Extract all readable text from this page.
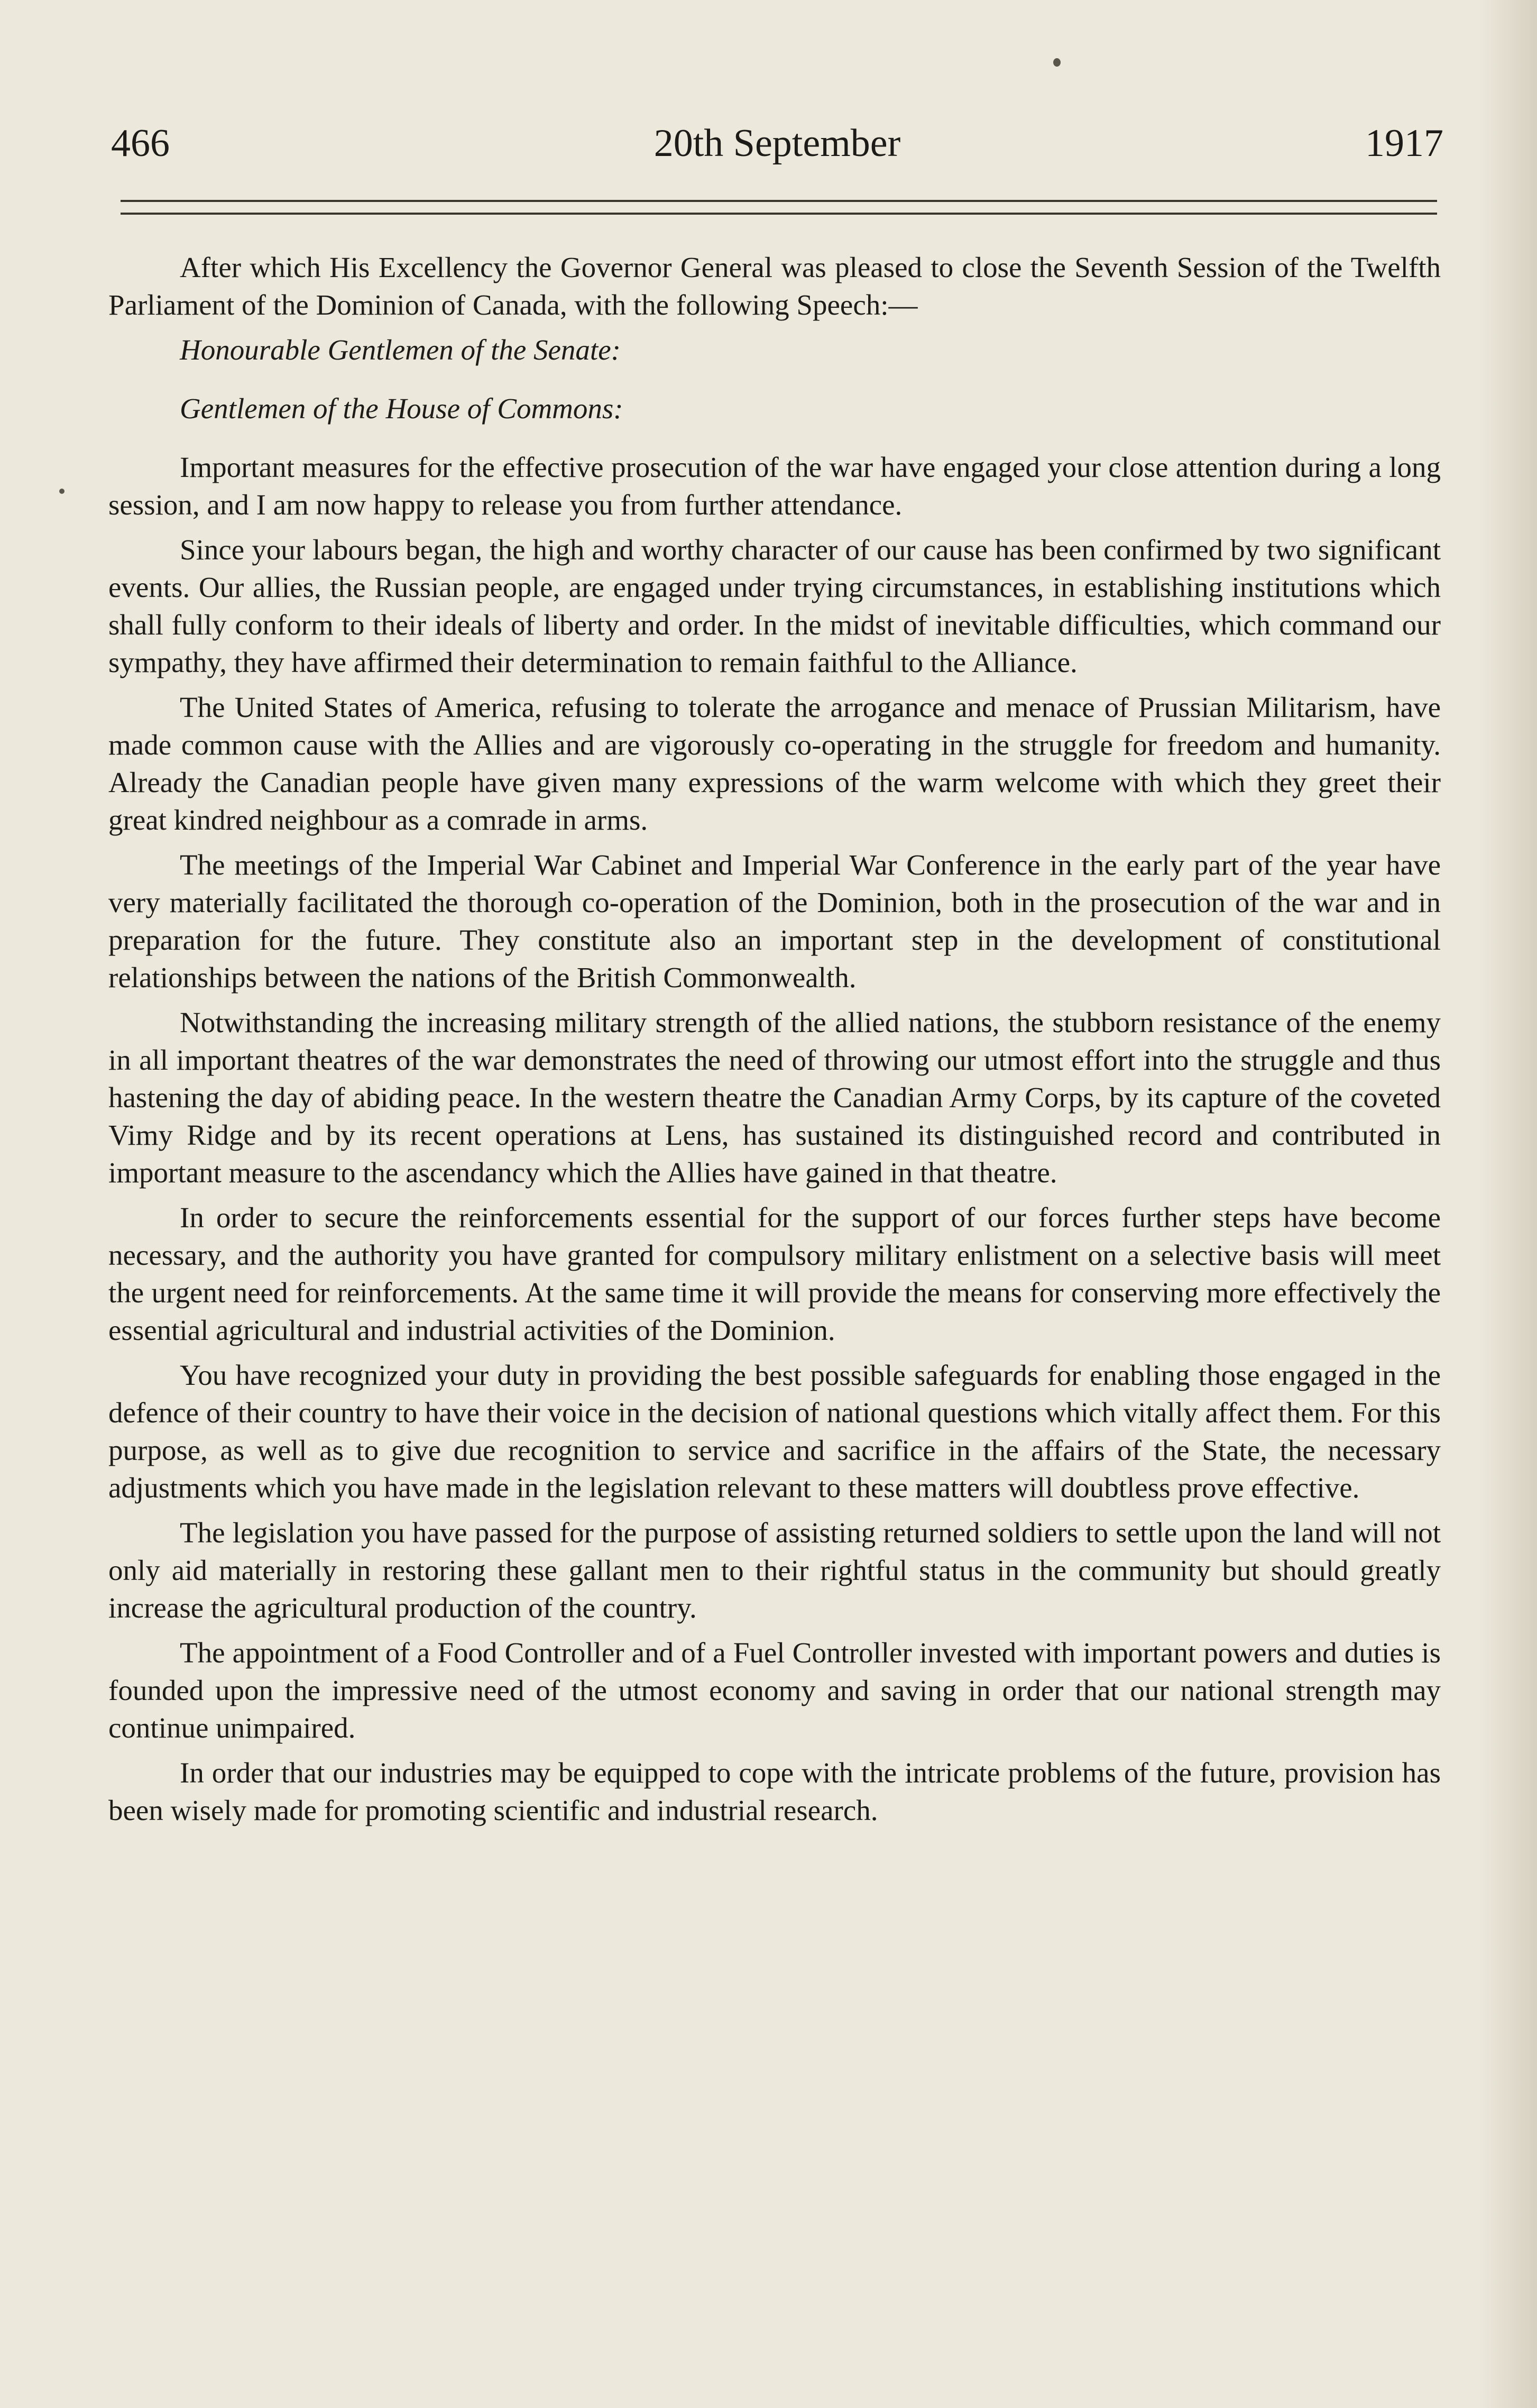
466	20th September	1917

After which His Excellency the Governor General was pleased to close the Seventh Session of the Twelfth Parliament of the Dominion of Canada, with the following Speech:—

Honourable Gentlemen of the Senate:

Gentlemen of the House of Commons:

Important measures for the effective prosecution of the war have engaged your close attention during a long session, and I am now happy to release you from further attendance.

Since your labours began, the high and worthy character of our cause has been confirmed by two significant events. Our allies, the Russian people, are engaged under trying circumstances, in establishing institutions which shall fully conform to their ideals of liberty and order. In the midst of inevitable difficulties, which command our sympathy, they have affirmed their determination to remain faithful to the Alliance.

The United States of America, refusing to tolerate the arrogance and menace of Prussian Militarism, have made common cause with the Allies and are vigorously co-operating in the struggle for freedom and humanity. Already the Canadian people have given many expressions of the warm welcome with which they greet their great kindred neighbour as a comrade in arms.

The meetings of the Imperial War Cabinet and Imperial War Conference in the early part of the year have very materially facilitated the thorough co-operation of the Dominion, both in the prosecution of the war and in preparation for the future. They constitute also an important step in the development of constitutional relationships between the nations of the British Commonwealth.

Notwithstanding the increasing military strength of the allied nations, the stubborn resistance of the enemy in all important theatres of the war demonstrates the need of throwing our utmost effort into the struggle and thus hastening the day of abiding peace. In the western theatre the Canadian Army Corps, by its capture of the coveted Vimy Ridge and by its recent operations at Lens, has sustained its distinguished record and contributed in important measure to the ascendancy which the Allies have gained in that theatre.

In order to secure the reinforcements essential for the support of our forces further steps have become necessary, and the authority you have granted for compulsory military enlistment on a selective basis will meet the urgent need for reinforcements. At the same time it will provide the means for conserving more effectively the essential agricultural and industrial activities of the Dominion.

You have recognized your duty in providing the best possible safeguards for enabling those engaged in the defence of their country to have their voice in the decision of national questions which vitally affect them. For this purpose, as well as to give due recognition to service and sacrifice in the affairs of the State, the necessary adjustments which you have made in the legislation relevant to these matters will doubtless prove effective.

The legislation you have passed for the purpose of assisting returned soldiers to settle upon the land will not only aid materially in restoring these gallant men to their rightful status in the community but should greatly increase the agricultural production of the country.

The appointment of a Food Controller and of a Fuel Controller invested with important powers and duties is founded upon the impressive need of the utmost economy and saving in order that our national strength may continue unimpaired.

In order that our industries may be equipped to cope with the intricate problems of the future, provision has been wisely made for promoting scientific and industrial research.
